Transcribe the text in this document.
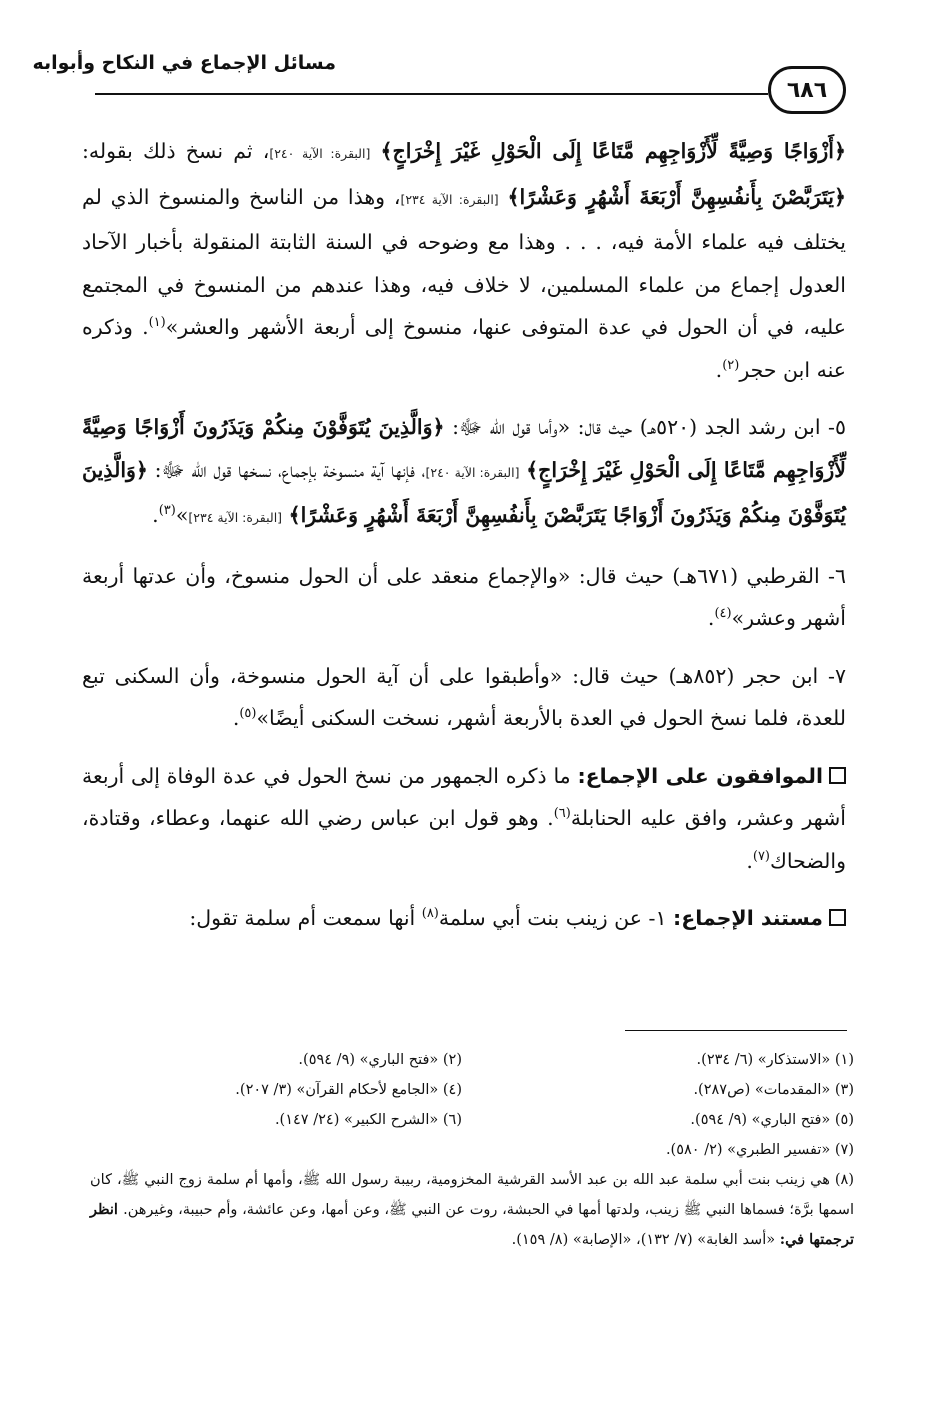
مسائل الإجماع في النكاح وأبوابه
٦٨٦

﴿أَزْوَاجًا وَصِيَّةً لِّأَزْوَاجِهِم مَّتَاعًا إِلَى الْحَوْلِ غَيْرَ إِخْرَاجٍ﴾ [البقرة: الآية ٢٤٠]، ثم نسخ ذلك بقوله: ﴿يَتَرَبَّصْنَ بِأَنفُسِهِنَّ أَرْبَعَةَ أَشْهُرٍ وَعَشْرًا﴾ [البقرة: الآية ٢٣٤]، وهذا من الناسخ والمنسوخ الذي لم يختلف فيه علماء الأمة فيه، . . . وهذا مع وضوحه في السنة الثابتة المنقولة بأخبار الآحاد العدول إجماع من علماء المسلمين، لا خلاف فيه، وهذا عندهم من المنسوخ في المجتمع عليه، في أن الحول في عدة المتوفى عنها، منسوخ إلى أربعة الأشهر والعشر»$^{(١)}$. وذكره عنه ابن حجر$^{(٢)}$.

٥- ابن رشد الجد (٥٢٠هـ) حيث قال: «وأما قول الله ﷻ: ﴿وَالَّذِينَ يُتَوَفَّوْنَ مِنكُمْ وَيَذَرُونَ أَزْوَاجًا وَصِيَّةً لِّأَزْوَاجِهِم مَّتَاعًا إِلَى الْحَوْلِ غَيْرَ إِخْرَاجٍ﴾ [البقرة: الآية ٢٤٠]، فإنها آية منسوخة بإجماع، نسخها قول الله ﷻ: ﴿وَالَّذِينَ يُتَوَفَّوْنَ مِنكُمْ وَيَذَرُونَ أَزْوَاجًا يَتَرَبَّصْنَ بِأَنفُسِهِنَّ أَرْبَعَةَ أَشْهُرٍ وَعَشْرًا﴾ [البقرة: الآية ٢٣٤]»$^{(٣)}$.

٦- القرطبي (٦٧١هـ) حيث قال: «والإجماع منعقد على أن الحول منسوخ، وأن عدتها أربعة أشهر وعشر»$^{(٤)}$.

٧- ابن حجر (٨٥٢هـ) حيث قال: «وأطبقوا على أن آية الحول منسوخة، وأن السكنى تبع للعدة، فلما نسخ الحول في العدة بالأربعة أشهر، نسخت السكنى أيضًا»$^{(٥)}$.

الموافقون على الإجماع: ما ذكره الجمهور من نسخ الحول في عدة الوفاة إلى أربعة أشهر وعشر، وافق عليه الحنابلة$^{(٦)}$. وهو قول ابن عباس رضي الله عنهما، وعطاء، وقتادة، والضحاك$^{(٧)}$.

مستند الإجماع: ١- عن زينب بنت أبي سلمة$^{(٨)}$ أنها سمعت أم سلمة تقول:

(١) «الاستذكار» (٦/ ٢٣٤).
(٢) «فتح الباري» (٩/ ٥٩٤).
(٣) «المقدمات» (ص٢٨٧).
(٤) «الجامع لأحكام القرآن» (٣/ ٢٠٧).
(٥) «فتح الباري» (٩/ ٥٩٤).
(٦) «الشرح الكبير» (٢٤/ ١٤٧).
(٧) «تفسير الطبري» (٢/ ٥٨٠).
(٨) هي زينب بنت أبي سلمة عبد الله بن عبد الأسد القرشية المخزومية، ربيبة رسول الله ﷺ، وأمها أم سلمة زوج النبي ﷺ، كان اسمها برَّة؛ فسماها النبي ﷺ زينب، ولدتها أمها في الحبشة، روت عن النبي ﷺ، وعن أمها، وعن عائشة، وأم حبيبة، وغيرهن. انظر ترجمتها في: «أسد الغابة» (٧/ ١٣٢)، «الإصابة» (٨/ ١٥٩).
